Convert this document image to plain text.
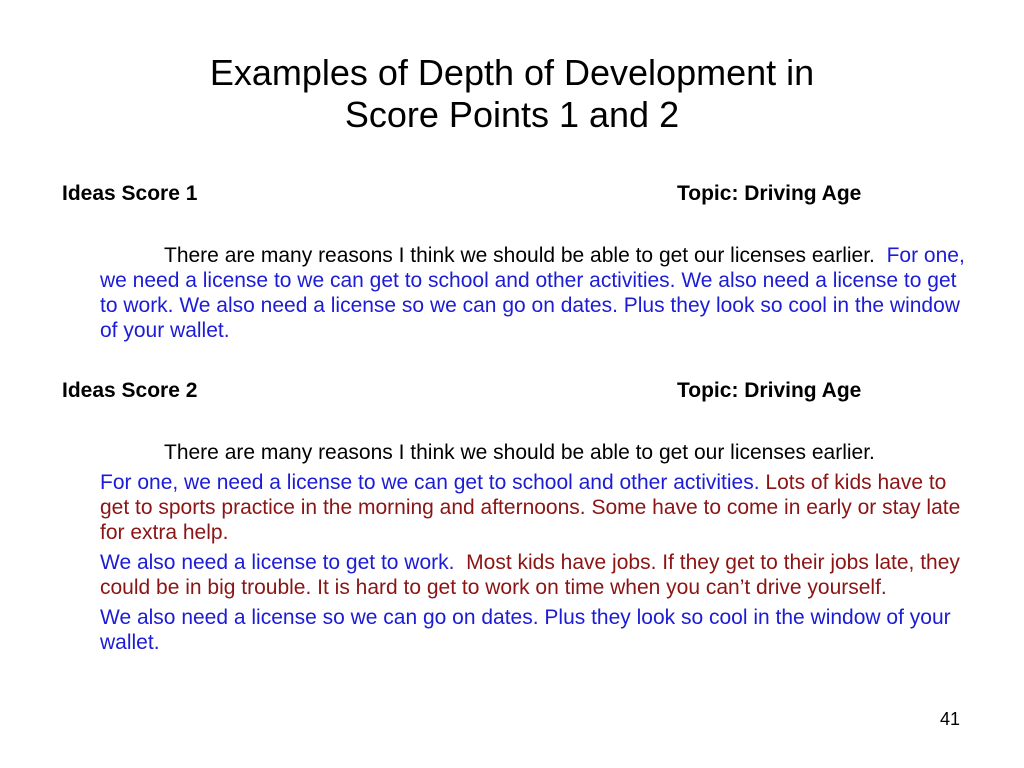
Examples of Depth of Development in
Score Points 1 and 2
Ideas Score 1	Topic: Driving Age

There are many reasons I think we should be able to get our licenses earlier. For one, we need a license to we can get to school and other activities. We also need a license to get to work. We also need a license so we can go on dates. Plus they look so cool in the window of your wallet.

Ideas Score 2	Topic: Driving Age

There are many reasons I think we should be able to get our licenses earlier.

For one, we need a license to we can get to school and other activities. Lots of kids have to get to sports practice in the morning and afternoons. Some have to come in early or stay late for extra help.

We also need a license to get to work. Most kids have jobs. If they get to their jobs late, they could be in big trouble. It is hard to get to work on time when you can’t drive yourself.

We also need a license so we can go on dates. Plus they look so cool in the window of your wallet.

41
